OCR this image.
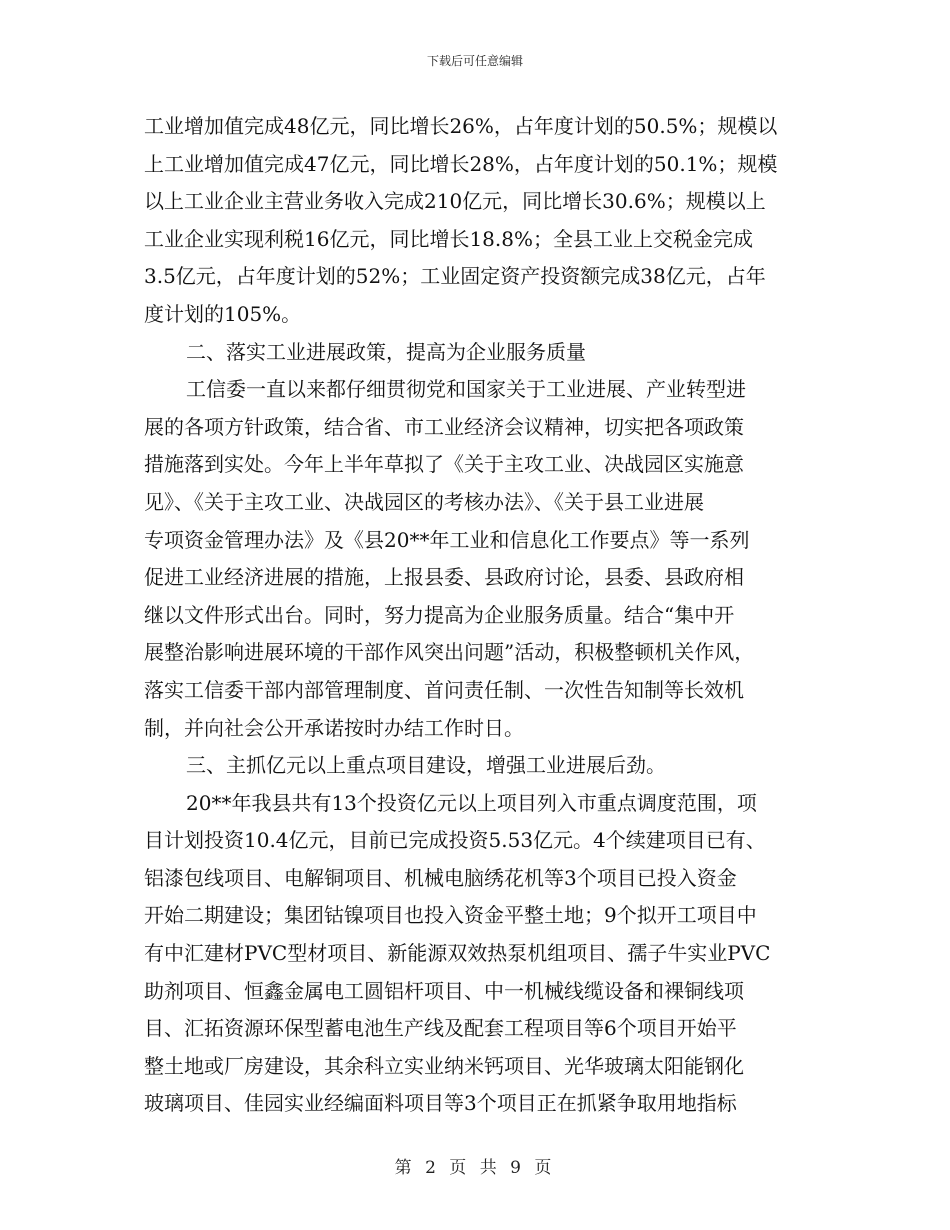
下载后可任意编辑
工业增加值完成48亿元，同比增长26%，占年度计划的50.5%；规模以
上工业增加值完成47亿元，同比增长28%，占年度计划的50.1%；规模
以上工业企业主营业务收入完成210亿元，同比增长30.6%；规模以上
工业企业实现利税16亿元，同比增长18.8%；全县工业上交税金完成
3.5亿元，占年度计划的52%；工业固定资产投资额完成38亿元，占年
度计划的105%。
二、落实工业进展政策，提高为企业服务质量
工信委一直以来都仔细贯彻党和国家关于工业进展、产业转型进
展的各项方针政策，结合省、市工业经济会议精神，切实把各项政策
措施落到实处。今年上半年草拟了《关于主攻工业、决战园区实施意
见》、《关于主攻工业、决战园区的考核办法》、《关于县工业进展
专项资金管理办法》及《县20**年工业和信息化工作要点》等一系列
促进工业经济进展的措施，上报县委、县政府讨论，县委、县政府相
继以文件形式出台。同时，努力提高为企业服务质量。结合“集中开
展整治影响进展环境的干部作风突出问题”活动，积极整顿机关作风，
落实工信委干部内部管理制度、首问责任制、一次性告知制等长效机
制，并向社会公开承诺按时办结工作时日。
三、主抓亿元以上重点项目建设，增强工业进展后劲。
20**年我县共有13个投资亿元以上项目列入市重点调度范围，项
目计划投资10.4亿元，目前已完成投资5.53亿元。4个续建项目已有、
铝漆包线项目、电解铜项目、机械电脑绣花机等3个项目已投入资金
开始二期建设；集团钴镍项目也投入资金平整土地；9个拟开工项目中
有中汇建材PVC型材项目、新能源双效热泵机组项目、孺子牛实业PVC
助剂项目、恒鑫金属电工圆铝杆项目、中一机械线缆设备和裸铜线项
目、汇拓资源环保型蓄电池生产线及配套工程项目等6个项目开始平
整土地或厂房建设，其余科立实业纳米钙项目、光华玻璃太阳能钢化
玻璃项目、佳园实业经编面料项目等3个项目正在抓紧争取用地指标
第 2 页 共 9 页
